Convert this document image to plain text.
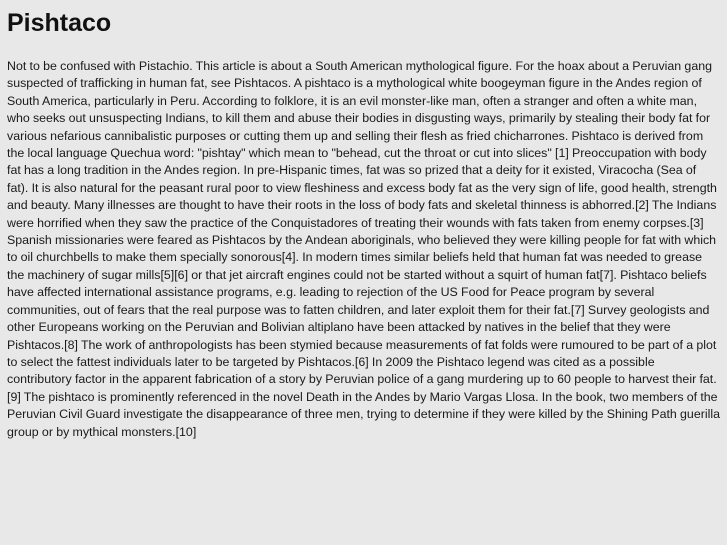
Pishtaco

Not to be confused with Pistachio. This article is about a South American mythological figure. For the hoax about a Peruvian gang suspected of trafficking in human fat, see Pishtacos. A pishtaco is a mythological white boogeyman figure in the Andes region of South America, particularly in Peru. According to folklore, it is an evil monster-like man, often a stranger and often a white man, who seeks out unsuspecting Indians, to kill them and abuse their bodies in disgusting ways, primarily by stealing their body fat for various nefarious cannibalistic purposes or cutting them up and selling their flesh as fried chicharrones. Pishtaco is derived from the local language Quechua word: "pishtay" which mean to "behead, cut the throat or cut into slices" [1] Preoccupation with body fat has a long tradition in the Andes region. In pre-Hispanic times, fat was so prized that a deity for it existed, Viracocha (Sea of fat). It is also natural for the peasant rural poor to view fleshiness and excess body fat as the very sign of life, good health, strength and beauty. Many illnesses are thought to have their roots in the loss of body fats and skeletal thinness is abhorred.[2] The Indians were horrified when they saw the practice of the Conquistadores of treating their wounds with fats taken from enemy corpses.[3] Spanish missionaries were feared as Pishtacos by the Andean aboriginals, who believed they were killing people for fat with which to oil churchbells to make them specially sonorous[4]. In modern times similar beliefs held that human fat was needed to grease the machinery of sugar mills[5][6] or that jet aircraft engines could not be started without a squirt of human fat[7]. Pishtaco beliefs have affected international assistance programs, e.g. leading to rejection of the US Food for Peace program by several communities, out of fears that the real purpose was to fatten children, and later exploit them for their fat.[7] Survey geologists and other Europeans working on the Peruvian and Bolivian altiplano have been attacked by natives in the belief that they were Pishtacos.[8] The work of anthropologists has been stymied because measurements of fat folds were rumoured to be part of a plot to select the fattest individuals later to be targeted by Pishtacos.[6] In 2009 the Pishtaco legend was cited as a possible contributory factor in the apparent fabrication of a story by Peruvian police of a gang murdering up to 60 people to harvest their fat.[9] The pishtaco is prominently referenced in the novel Death in the Andes by Mario Vargas Llosa. In the book, two members of the Peruvian Civil Guard investigate the disappearance of three men, trying to determine if they were killed by the Shining Path guerilla group or by mythical monsters.[10]
